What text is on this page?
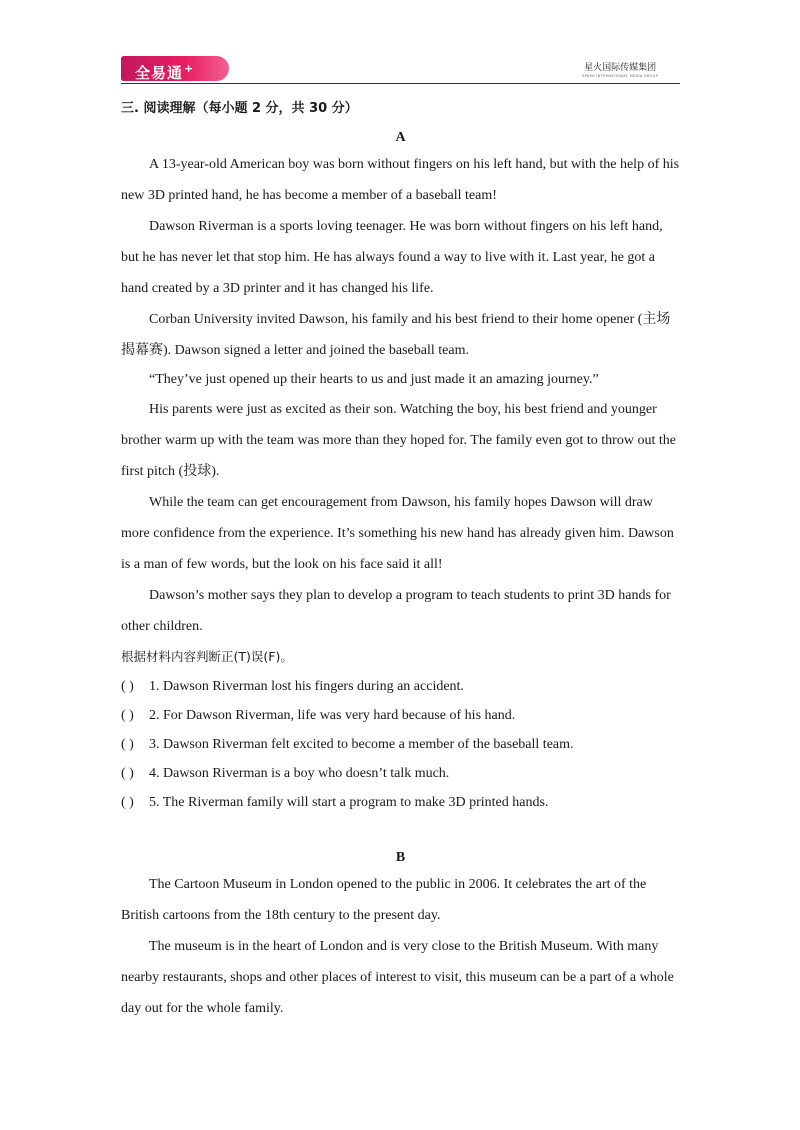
全易通+	星火国际传媒集团
SPARK INTERNATIONAL MEDIA GROUP
三. 阅读理解（每小题 2 分，共 30 分）
A

A 13-year-old American boy was born without fingers on his left hand, but with the help of his new 3D printed hand, he has become a member of a baseball team!

Dawson Riverman is a sports loving teenager. He was born without fingers on his left hand, but he has never let that stop him. He has always found a way to live with it. Last year, he got a hand created by a 3D printer and it has changed his life.

Corban University invited Dawson, his family and his best friend to their home opener (主场揭幕赛). Dawson signed a letter and joined the baseball team.

“They’ve just opened up their hearts to us and just made it an amazing journey.”

His parents were just as excited as their son. Watching the boy, his best friend and younger brother warm up with the team was more than they hoped for. The family even got to throw out the first pitch (投球).

While the team can get encouragement from Dawson, his family hopes Dawson will draw more confidence from the experience. It’s something his new hand has already given him. Dawson is a man of few words, but the look on his face said it all!

Dawson’s mother says they plan to develop a program to teach students to print 3D hands for other children.

根据材料内容判断正(T)误(F)。
( ) 1. Dawson Riverman lost his fingers during an accident.
( ) 2. For Dawson Riverman, life was very hard because of his hand.
( ) 3. Dawson Riverman felt excited to become a member of the baseball team.
( ) 4. Dawson Riverman is a boy who doesn’t talk much.
( ) 5. The Riverman family will start a program to make 3D printed hands.
B

The Cartoon Museum in London opened to the public in 2006. It celebrates the art of the British cartoons from the 18th century to the present day.

The museum is in the heart of London and is very close to the British Museum. With many nearby restaurants, shops and other places of interest to visit, this museum can be a part of a whole day out for the whole family.
